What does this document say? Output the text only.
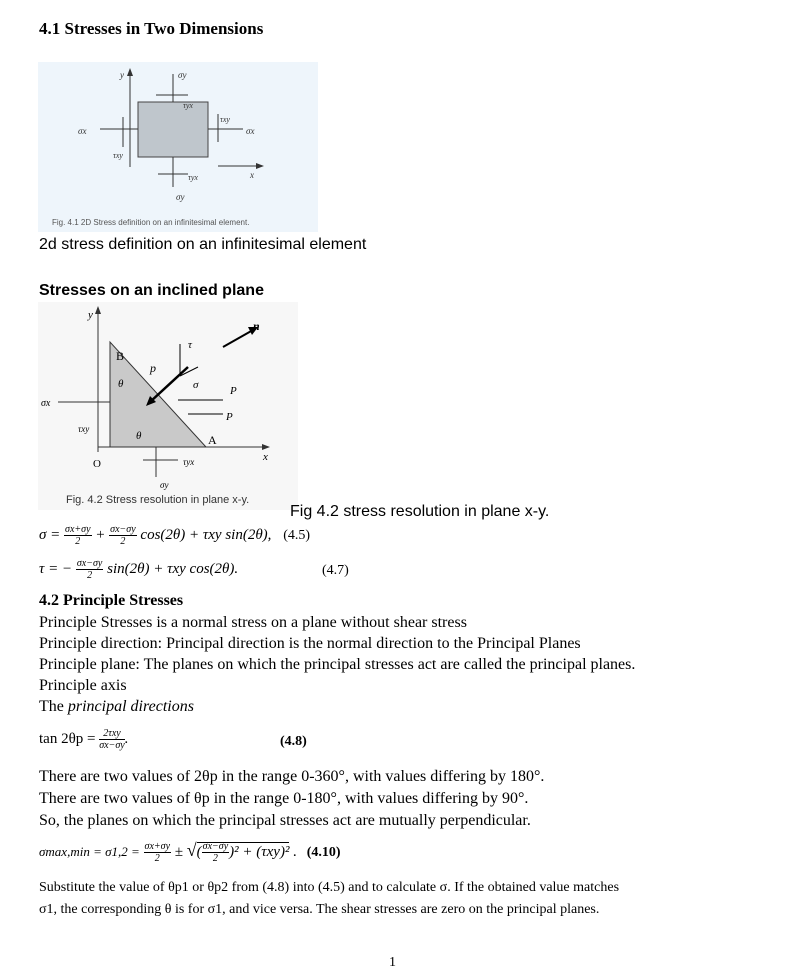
4.1 Stresses in Two Dimensions
y
x
σy
τyx
σy
τyx
σx
τxy
σx
τxy
Fig. 4.1 2D Stress definition on an infinitesimal element.
2d stress definition on an infinitesimal element
Stresses on an inclined plane
y
x
O
B
A
θ
θ
n
p
τ
σ	P
P
σx
τxy
τyx
σy
Fig. 4.2 Stress resolution in plane x-y.
Fig 4.2 stress resolution in plane x-y.
$\sigma = \frac{\sigma x+\sigma y}{2} + \frac{\sigma x-\sigma y}{2} \cos(2\theta) + \tau xy$ sin(2θ), (4.5)
τ = − $\frac{\sigma x-\sigma y}{2} \sin(2\theta) + \tau xy$ cos(2θ).	(4.7)
4.2 Principle Stresses
Principle Stresses is a normal stress on a plane without shear stress
Principle direction: Principal direction is the normal direction to the Principal Planes
Principle plane: The planes on which the principal stresses act are called the principal planes.
Principle axis
The principal directions
$\tan 2\theta p = \frac{\text{2τxy}}{\sigma x-\sigma y}$ .	(4.8)
There are two values of 2θp in the range 0-360°, with values differing by 180°.
There are two values of θp in the range 0-180°, with values differing by 90°.
So, the planes on which the principal stresses act are mutually perpendicular.
$\sigma\max,\min = \sigma 1,2 = \frac{\sigma x+\sigma y}{2}$ ± √( $\frac{\sigma x-\sigma y}{2} )^2 + (\tau xy)^2$ . (4.10)
Substitute the value of θp1 or θp2 from (4.8) into (4.5) and to calculate σ. If the obtained value matches
σ1, the corresponding θ is for σ1, and vice versa. The shear stresses are zero on the principal planes.
1
